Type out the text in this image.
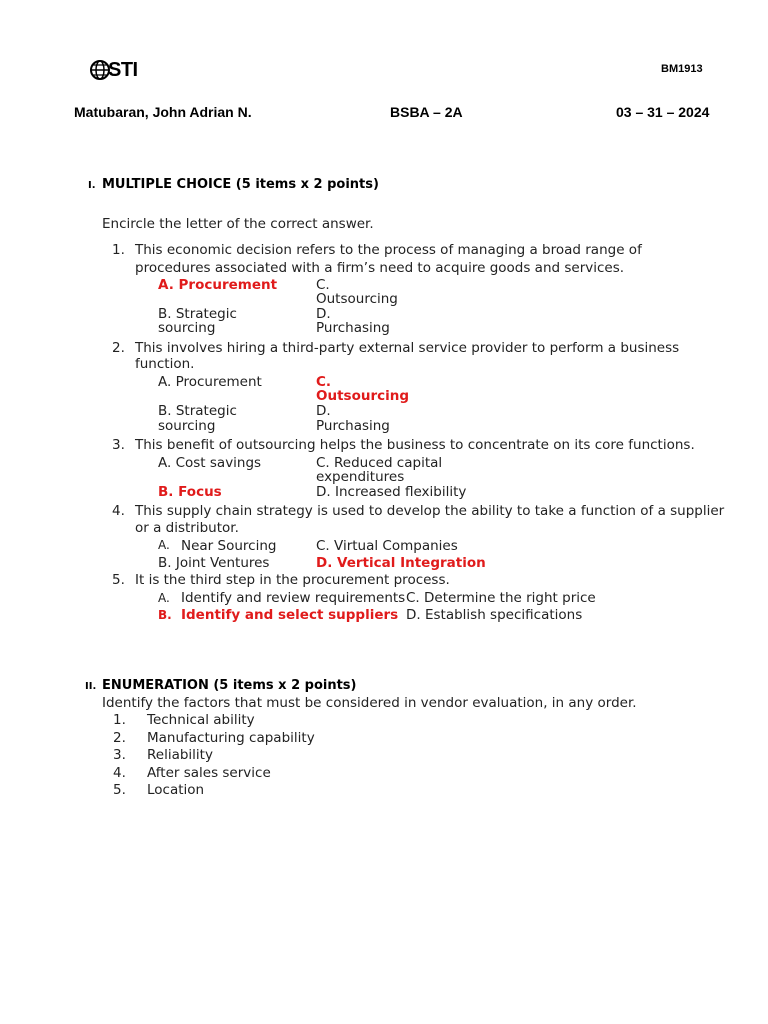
STI	BM1913
Matubaran, John Adrian N.	BSBA – 2A	03 – 31 – 2024
I. MULTIPLE CHOICE (5 items x 2 points)
Encircle the letter of the correct answer.
1. This economic decision refers to the process of managing a broad range of
procedures associated with a firm’s need to acquire goods and services.
A. Procurement	C.
Outsourcing
B. Strategic	D.
sourcing	Purchasing
2. This involves hiring a third-party external service provider to perform a business
function.
A. Procurement	C.
Outsourcing
B. Strategic	D.
sourcing	Purchasing
3. This benefit of outsourcing helps the business to concentrate on its core functions.
A. Cost savings	C. Reduced capital
expenditures
B. Focus	D. Increased flexibility
4. This supply chain strategy is used to develop the ability to take a function of a supplier
or a distributor.
A. Near Sourcing	C. Virtual Companies
B. Joint Ventures	D. Vertical Integration
5. It is the third step in the procurement process.
A. Identify and review requirements C. Determine the right price
B. Identify and select suppliers D. Establish specifications
II. ENUMERATION (5 items x 2 points)
Identify the factors that must be considered in vendor evaluation, in any order.
1. Technical ability
2. Manufacturing capability
3. Reliability
4. After sales service
5. Location
